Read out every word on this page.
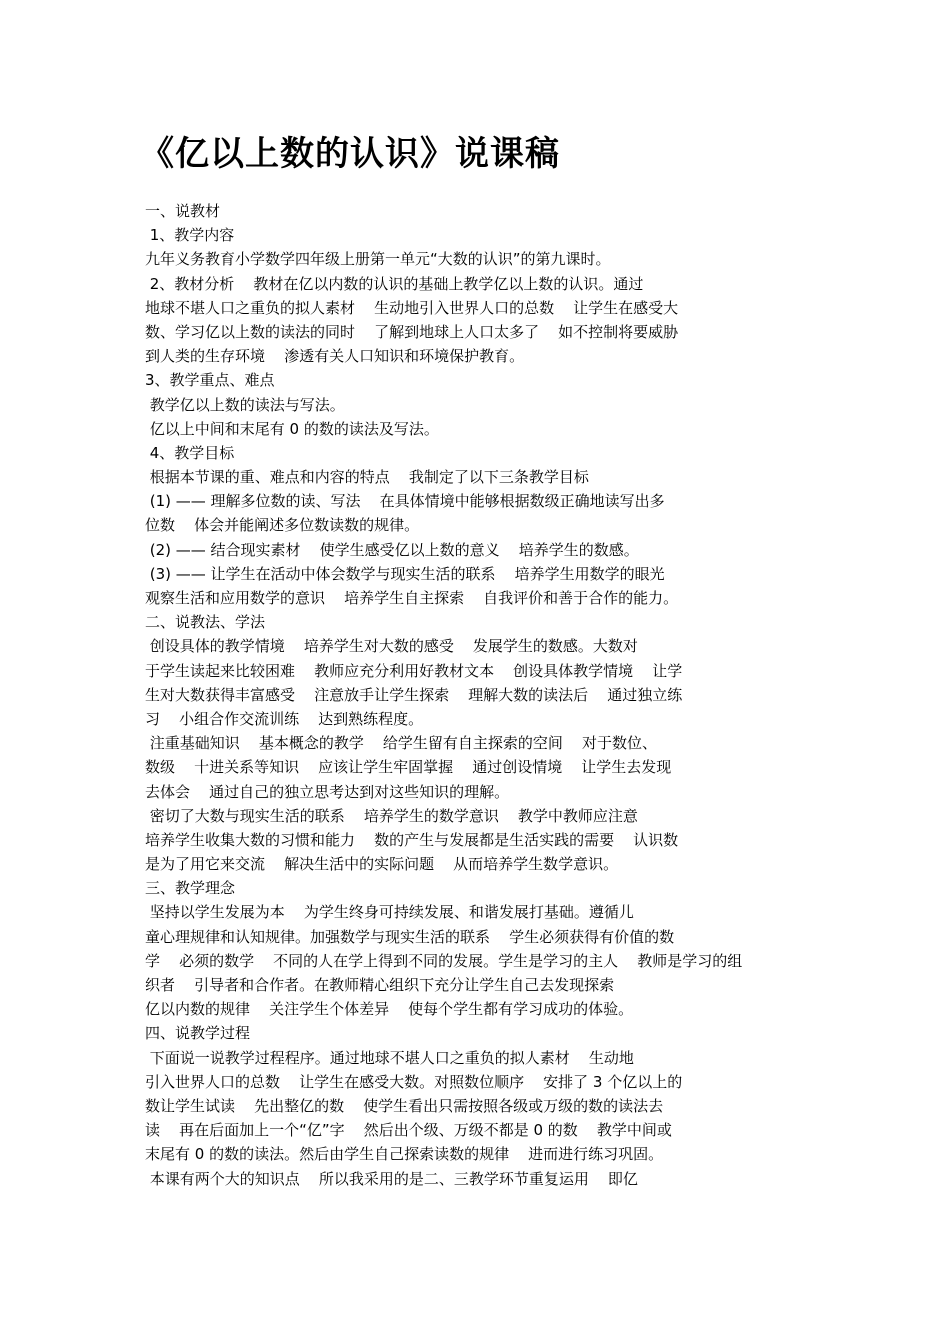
《亿以上数的认识》说课稿
一、说教材
1、教学内容
九年义务教育小学数学四年级上册第一单元“大数的认识”的第九课时。
2、教材分析    教材在亿以内数的认识的基础上教学亿以上数的认识。通过
地球不堪人口之重负的拟人素材    生动地引入世界人口的总数    让学生在感受大
数、学习亿以上数的读法的同时    了解到地球上人口太多了    如不控制将要威胁
到人类的生存环境    渗透有关人口知识和环境保护教育。
3、教学重点、难点
教学亿以上数的读法与写法。
亿以上中间和末尾有 0 的数的读法及写法。
4、教学目标
根据本节课的重、难点和内容的特点    我制定了以下三条教学目标
(1) —— 理解多位数的读、写法    在具体情境中能够根据数级正确地读写出多
位数    体会并能阐述多位数读数的规律。
(2) —— 结合现实素材    使学生感受亿以上数的意义    培养学生的数感。
(3) —— 让学生在活动中体会数学与现实生活的联系    培养学生用数学的眼光
观察生活和应用数学的意识    培养学生自主探索    自我评价和善于合作的能力。
二、说教法、学法
创设具体的教学情境    培养学生对大数的感受    发展学生的数感。大数对
于学生读起来比较困难    教师应充分利用好教材文本    创设具体教学情境    让学
生对大数获得丰富感受    注意放手让学生探索    理解大数的读法后    通过独立练
习    小组合作交流训练    达到熟练程度。
注重基础知识    基本概念的教学    给学生留有自主探索的空间    对于数位、
数级    十进关系等知识    应该让学生牢固掌握    通过创设情境    让学生去发现
去体会    通过自己的独立思考达到对这些知识的理解。
密切了大数与现实生活的联系    培养学生的数学意识    教学中教师应注意
培养学生收集大数的习惯和能力    数的产生与发展都是生活实践的需要    认识数
是为了用它来交流    解决生活中的实际问题    从而培养学生数学意识。
三、教学理念
坚持以学生发展为本    为学生终身可持续发展、和谐发展打基础。遵循儿
童心理规律和认知规律。加强数学与现实生活的联系    学生必须获得有价值的数
学    必须的数学    不同的人在学上得到不同的发展。学生是学习的主人    教师是学习的组
织者    引导者和合作者。在教师精心组织下充分让学生自己去发现探索
亿以内数的规律    关注学生个体差异    使每个学生都有学习成功的体验。
四、说教学过程
下面说一说教学过程程序。通过地球不堪人口之重负的拟人素材    生动地
引入世界人口的总数    让学生在感受大数。对照数位顺序    安排了 3 个亿以上的
数让学生试读    先出整亿的数    使学生看出只需按照各级或万级的数的读法去
读    再在后面加上一个“亿”字    然后出个级、万级不都是 0 的数    教学中间或
末尾有 0 的数的读法。然后由学生自己探索读数的规律    进而进行练习巩固。
本课有两个大的知识点    所以我采用的是二、三教学环节重复运用    即亿
